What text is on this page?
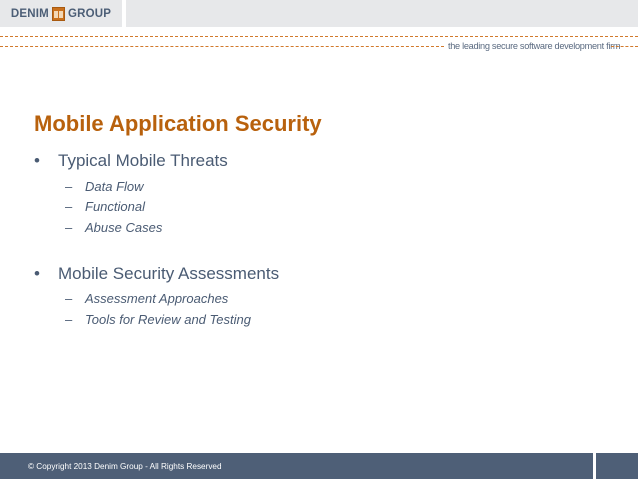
DENIM GROUP
the leading secure software development firm
Mobile Application Security
• Typical Mobile Threats
– Data Flow
– Functional
– Abuse Cases
• Mobile Security Assessments
– Assessment Approaches
– Tools for Review and Testing
© Copyright 2013 Denim Group - All Rights Reserved
